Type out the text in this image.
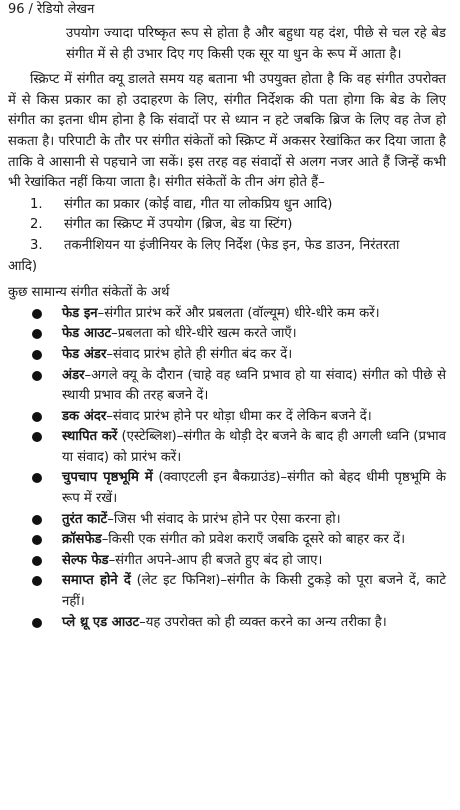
96 / रेडियो लेखन

उपयोग ज्यादा परिष्कृत रूप से होता है और बहुधा यह दंश, पीछे से चल रहे बेड संगीत में से ही उभार दिए गए किसी एक सूर या धुन के रूप में आता है।

स्क्रिप्ट में संगीत क्यू डालते समय यह बताना भी उपयुक्त होता है कि वह संगीत उपरोक्त में से किस प्रकार का हो उदाहरण के लिए, संगीत निर्देशक की पता होगा कि बेड के लिए संगीत का इतना धीम होना है कि संवादों पर से ध्यान न हटे जबकि ब्रिज के लिए वह तेज हो सकता है। परिपाटी के तौर पर संगीत संकेतों को स्क्रिप्ट में अकसर रेखांकित कर दिया जाता है ताकि वे आसानी से पहचाने जा सकें। इस तरह वह संवादों से अलग नजर आते हैं जिन्हें कभी भी रेखांकित नहीं किया जाता है। संगीत संकेतों के तीन अंग होते हैं–

1. संगीत का प्रकार (कोई वाद्य, गीत या लोकप्रिय धुन आदि)
2. संगीत का स्क्रिप्ट में उपयोग (ब्रिज, बेड या स्टिंग)
3. तकनीशियन या इंजीनियर के लिए निर्देश (फेड इन, फेड डाउन, निरंतरता
आदि)
कुछ सामान्य संगीत संकेतों के अर्थ
फेड इन–संगीत प्रारंभ करें और प्रबलता (वॉल्यूम) धीरे-धीरे कम करें।
फेड आउट–प्रबलता को धीरे-धीरे खत्म करते जाएँ।
फेड अंडर–संवाद प्रारंभ होते ही संगीत बंद कर दें।
अंडर–अगले क्यू के दौरान (चाहे वह ध्वनि प्रभाव हो या संवाद) संगीत को पीछे से स्थायी प्रभाव की तरह बजने दें।
डक अंदर–संवाद प्रारंभ होने पर थोड़ा धीमा कर दें लेकिन बजने दें।
स्थापित करें (एस्टेब्लिश)–संगीत के थोड़ी देर बजने के बाद ही अगली ध्वनि (प्रभाव या संवाद) को प्रारंभ करें।
चुपचाप पृष्ठभूमि में (क्वाएटली इन बैकग्राउंड)–संगीत को बेहद धीमी पृष्ठभूमि के रूप में रखें।
तुरंत काटें–जिस भी संवाद के प्रारंभ होने पर ऐसा करना हो।
क्रॉसफेड–किसी एक संगीत को प्रवेश कराएँ जबकि दूसरे को बाहर कर दें।
सेल्फ फेड–संगीत अपने-आप ही बजते हुए बंद हो जाए।
समाप्त होने दें (लेट इट फिनिश)–संगीत के किसी टुकड़े को पूरा बजने दें, काटे नहीं।
प्ले थ्रू एड आउट–यह उपरोक्त को ही व्यक्त करने का अन्य तरीका है।
